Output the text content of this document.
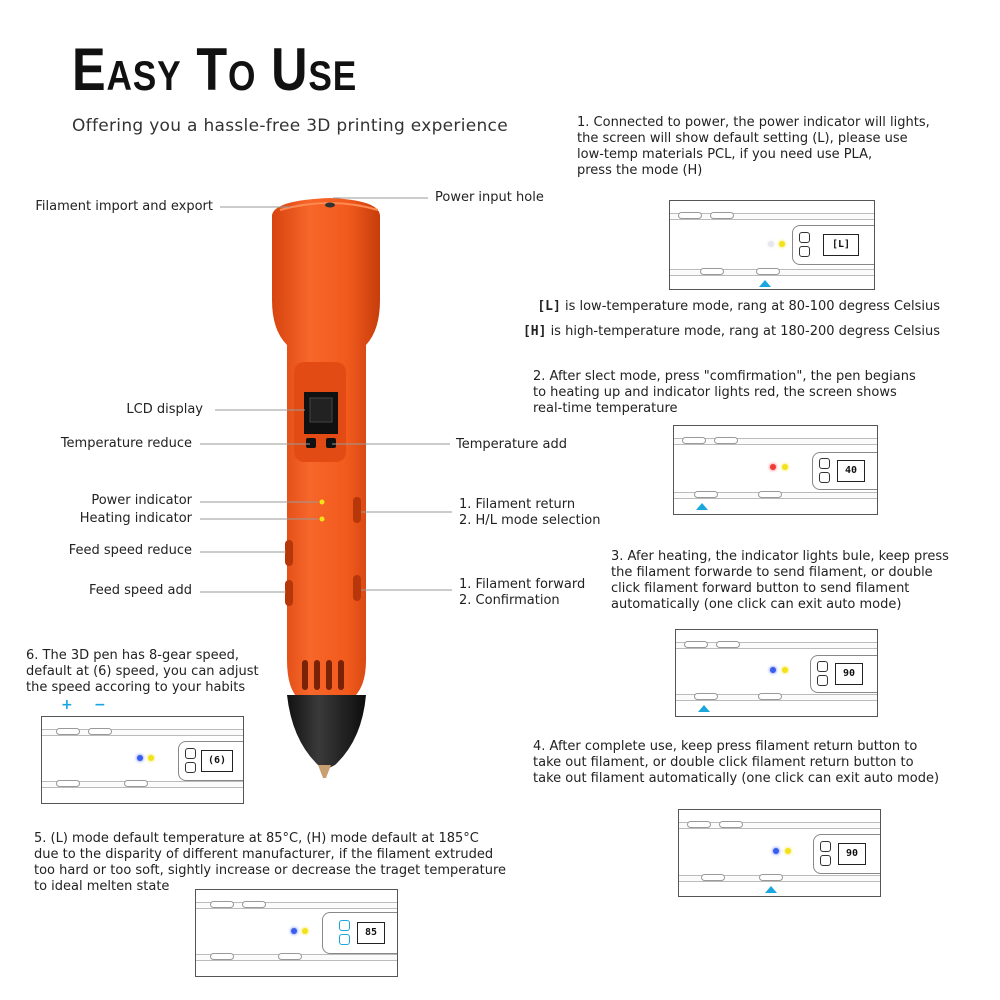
Easy To Use
Offering you a hassle-free 3D printing experience
Filament import and export
Power input hole
LCD display
Temperature reduce	Temperature add
Power indicator
Heating indicator
Feed speed reduce
Feed speed add
1. Filament return
2. H/L mode selection
1. Filament forward
2. Confirmation
1. Connected to power, the power indicator will lights,
the screen will show default setting (L), please use
low-temp materials PCL, if you need use PLA,
press the mode (H)
[L]
[L] is low-temperature mode, rang at 80-100 degress Celsius
[H] is high-temperature mode, rang at 180-200 degress Celsius
2. After slect mode, press "comfirmation", the pen begians
to heating up and indicator lights red, the screen shows
real-time temperature
40
3. Afer heating, the indicator lights bule, keep press
the filament forwarde to send filament, or double
click filament forward button to send filament
automatically (one click can exit auto mode)
90
4. After complete use, keep press filament return button to
take out filament, or double click filament return button to
take out filament automatically (one click can exit auto mode)
90
6. The 3D pen has 8-gear speed,
default at (6) speed, you can adjust
the speed accoring to your habits
+ −
(6)
5. (L) mode default temperature at 85°C, (H) mode default at 185°C
due to the disparity of different manufacturer, if the filament extruded
too hard or too soft, sightly increase or decrease the traget temperature
to ideal melten state
85
